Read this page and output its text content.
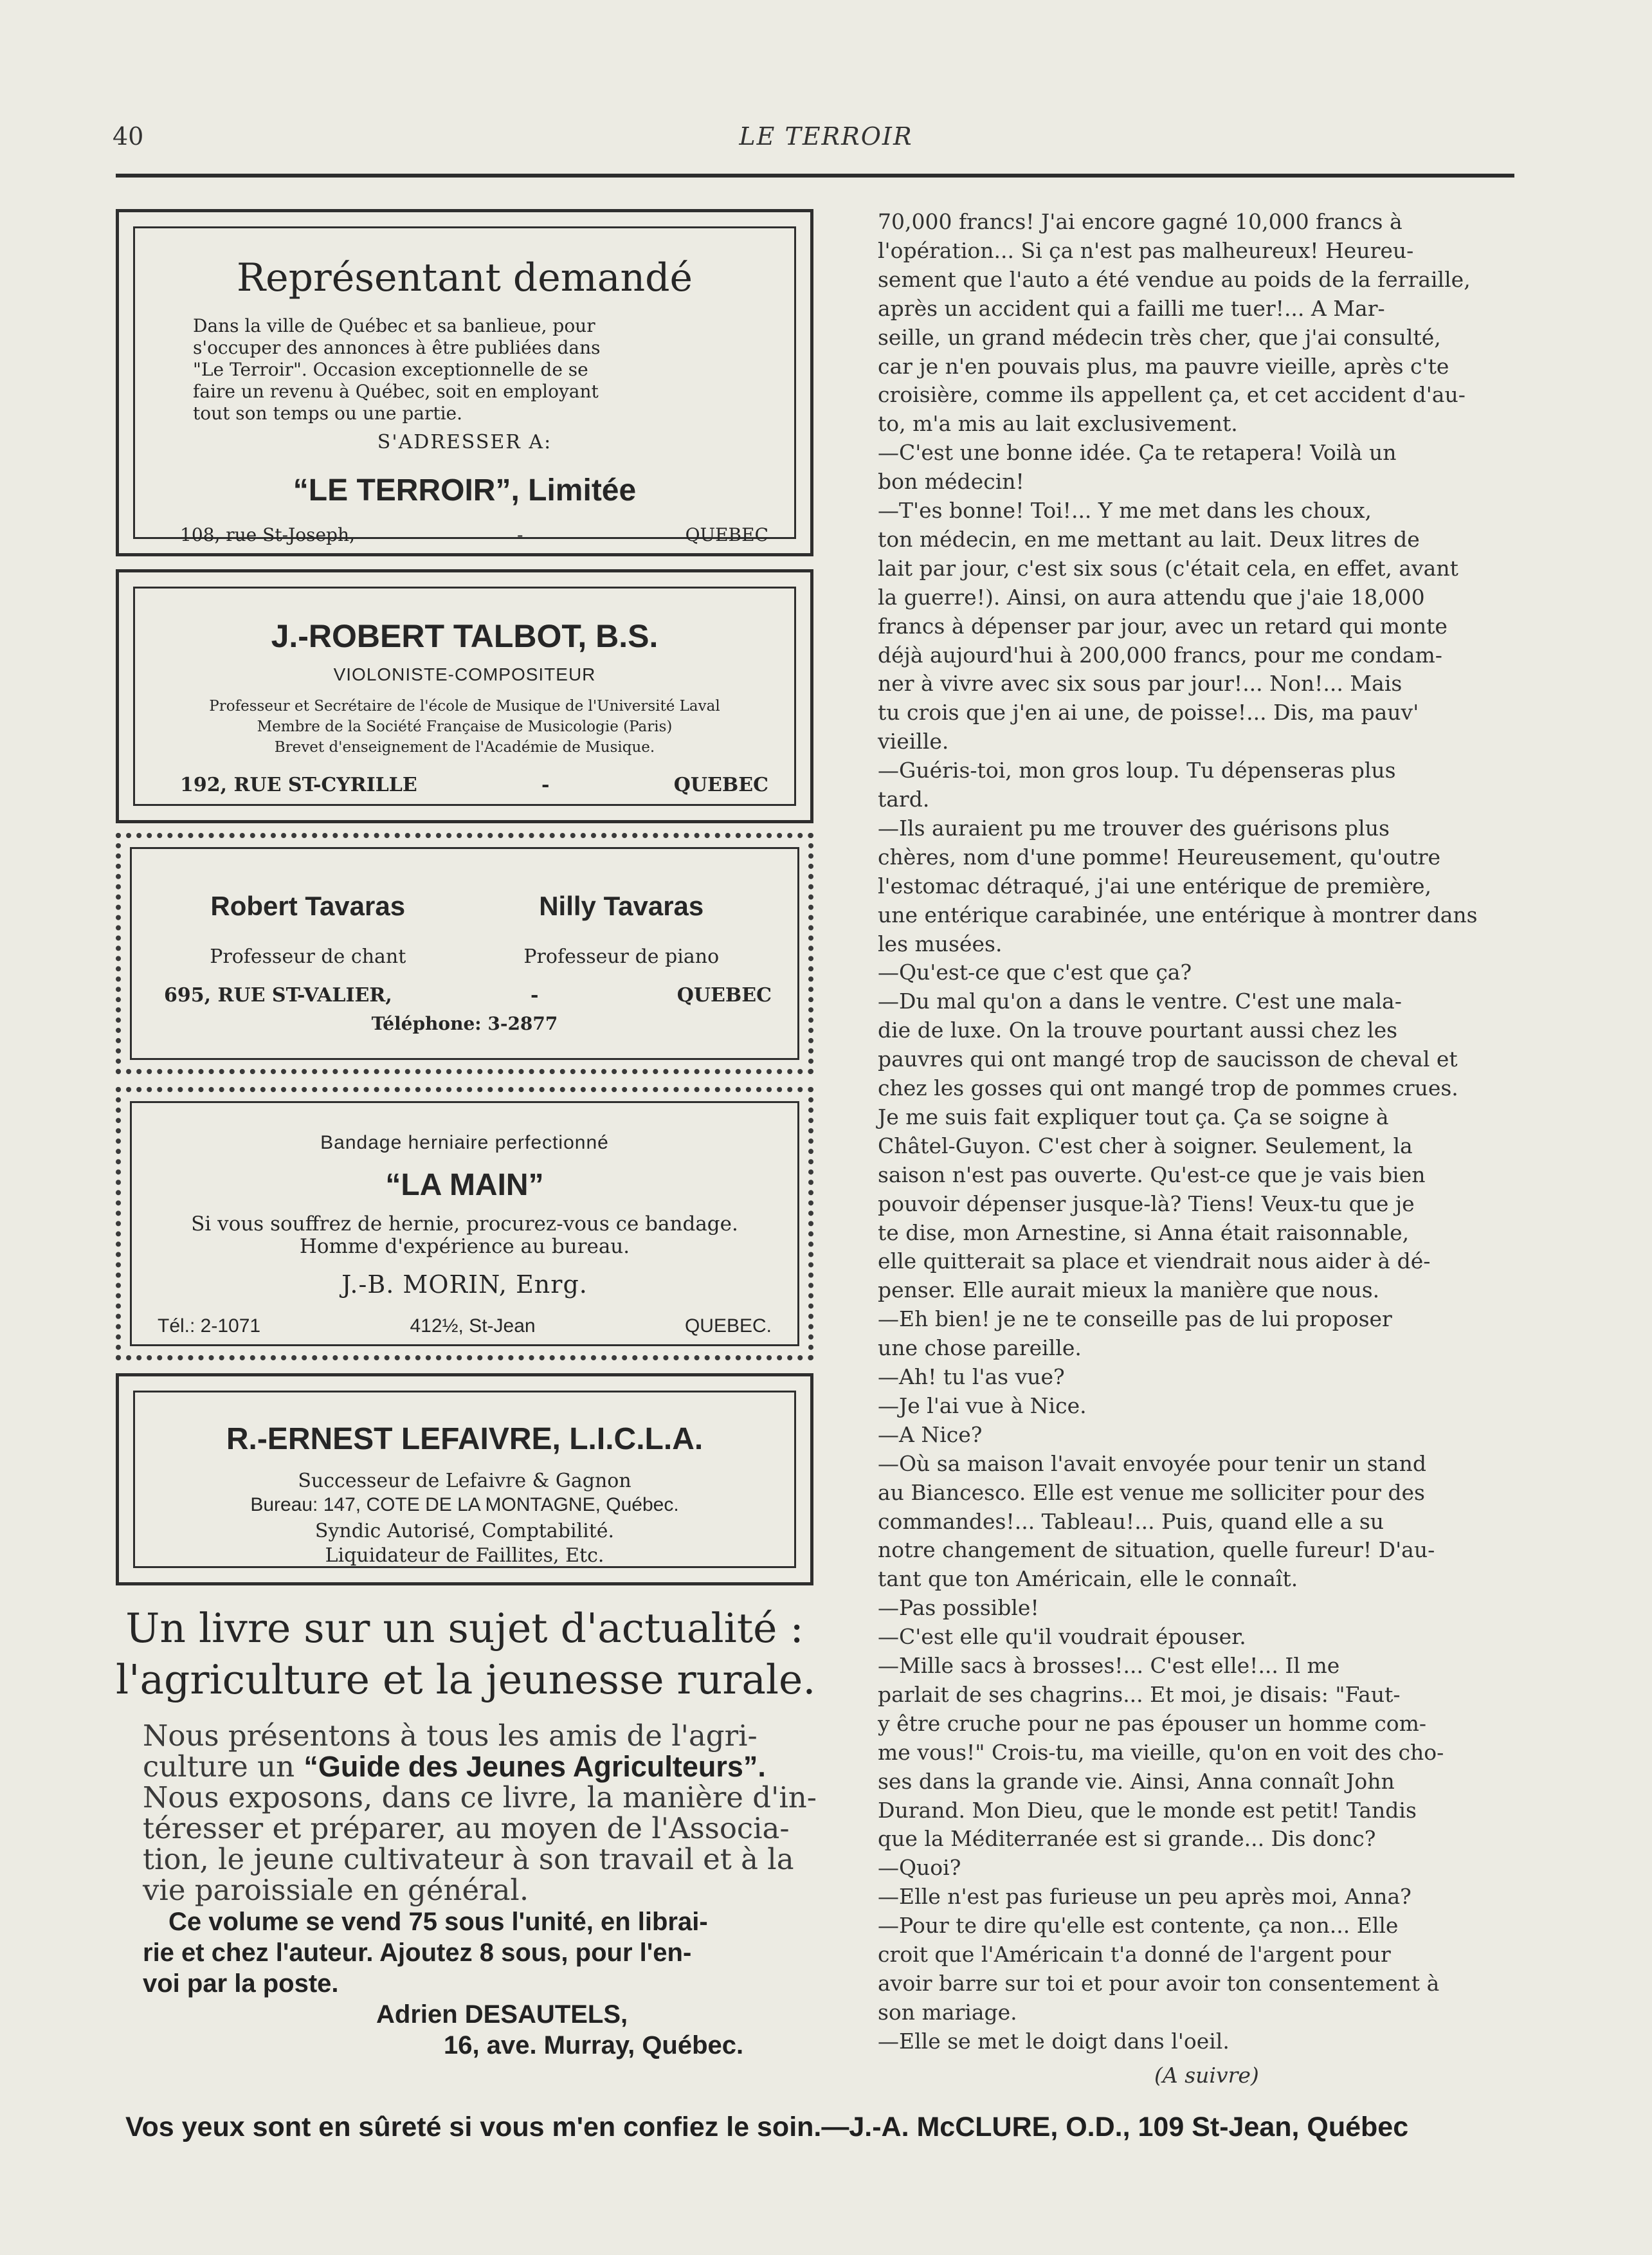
40	LE TERROIR
Représentant demandé
Dans la ville de Québec et sa banlieue, pour
s'occuper des annonces à être publiées dans
"Le Terroir". Occasion exceptionnelle de se
faire un revenu à Québec, soit en employant
tout son temps ou une partie.
S'ADRESSER A:
“LE TERROIR”, Limitée
108, rue St-Joseph,	-	QUEBEC
J.-ROBERT TALBOT, B.S.
VIOLONISTE-COMPOSITEUR
Professeur et Secrétaire de l'école de Musique de l'Université Laval
Membre de la Société Française de Musicologie (Paris)
Brevet d'enseignement de l'Académie de Musique.
192, RUE ST-CYRILLE	-	QUEBEC
Robert Tavaras	Nilly Tavaras
Professeur de chant	Professeur de piano
695, RUE ST-VALIER,	-	QUEBEC
Téléphone: 3-2877
Bandage herniaire perfectionné
“LA MAIN”
Si vous souffrez de hernie, procurez-vous ce bandage.
Homme d'expérience au bureau.
J.-B. MORIN, Enrg.
Tél.: 2-1071	412½, St-Jean	QUEBEC.
R.-ERNEST LEFAIVRE, L.I.C.L.A.
Successeur de Lefaivre & Gagnon
Bureau: 147, COTE DE LA MONTAGNE, Québec.
Syndic Autorisé, Comptabilité.
Liquidateur de Faillites, Etc.
Un livre sur un sujet d'actualité :
l'agriculture et la jeunesse rurale.
Nous présentons à tous les amis de l'agri-
culture un “Guide des Jeunes Agriculteurs”.
Nous exposons, dans ce livre, la manière d'in-
téresser et préparer, au moyen de l'Associa-
tion, le jeune cultivateur à son travail et à la
vie paroissiale en général.
Ce volume se vend 75 sous l'unité, en librai-
rie et chez l'auteur. Ajoutez 8 sous, pour l'en-
voi par la poste.
Adrien DESAUTELS,
16, ave. Murray, Québec.
70,000 francs! J'ai encore gagné 10,000 francs à
l'opération... Si ça n'est pas malheureux! Heureu-
sement que l'auto a été vendue au poids de la ferraille,
après un accident qui a failli me tuer!... A Mar-
seille, un grand médecin très cher, que j'ai consulté,
car je n'en pouvais plus, ma pauvre vieille, après c'te
croisière, comme ils appellent ça, et cet accident d'au-
to, m'a mis au lait exclusivement.
—C'est une bonne idée. Ça te retapera! Voilà un
bon médecin!
—T'es bonne! Toi!... Y me met dans les choux,
ton médecin, en me mettant au lait. Deux litres de
lait par jour, c'est six sous (c'était cela, en effet, avant
la guerre!). Ainsi, on aura attendu que j'aie 18,000
francs à dépenser par jour, avec un retard qui monte
déjà aujourd'hui à 200,000 francs, pour me condam-
ner à vivre avec six sous par jour!... Non!... Mais
tu crois que j'en ai une, de poisse!... Dis, ma pauv'
vieille.
—Guéris-toi, mon gros loup. Tu dépenseras plus
tard.
—Ils auraient pu me trouver des guérisons plus
chères, nom d'une pomme! Heureusement, qu'outre
l'estomac détraqué, j'ai une entérique de première,
une entérique carabinée, une entérique à montrer dans
les musées.
—Qu'est-ce que c'est que ça?
—Du mal qu'on a dans le ventre. C'est une mala-
die de luxe. On la trouve pourtant aussi chez les
pauvres qui ont mangé trop de saucisson de cheval et
chez les gosses qui ont mangé trop de pommes crues.
Je me suis fait expliquer tout ça. Ça se soigne à
Châtel-Guyon. C'est cher à soigner. Seulement, la
saison n'est pas ouverte. Qu'est-ce que je vais bien
pouvoir dépenser jusque-là? Tiens! Veux-tu que je
te dise, mon Arnestine, si Anna était raisonnable,
elle quitterait sa place et viendrait nous aider à dé-
penser. Elle aurait mieux la manière que nous.
—Eh bien! je ne te conseille pas de lui proposer
une chose pareille.
—Ah! tu l'as vue?
—Je l'ai vue à Nice.
—A Nice?
—Où sa maison l'avait envoyée pour tenir un stand
au Biancesco. Elle est venue me solliciter pour des
commandes!... Tableau!... Puis, quand elle a su
notre changement de situation, quelle fureur! D'au-
tant que ton Américain, elle le connaît.
—Pas possible!
—C'est elle qu'il voudrait épouser.
—Mille sacs à brosses!... C'est elle!... Il me
parlait de ses chagrins... Et moi, je disais: "Faut-
y être cruche pour ne pas épouser un homme com-
me vous!" Crois-tu, ma vieille, qu'on en voit des cho-
ses dans la grande vie. Ainsi, Anna connaît John
Durand. Mon Dieu, que le monde est petit! Tandis
que la Méditerranée est si grande... Dis donc?
—Quoi?
—Elle n'est pas furieuse un peu après moi, Anna?
—Pour te dire qu'elle est contente, ça non... Elle
croit que l'Américain t'a donné de l'argent pour
avoir barre sur toi et pour avoir ton consentement à
son mariage.
—Elle se met le doigt dans l'oeil.
(A suivre)
Vos yeux sont en sûreté si vous m'en confiez le soin.—J.-A. McCLURE, O.D., 109 St-Jean, Québec
